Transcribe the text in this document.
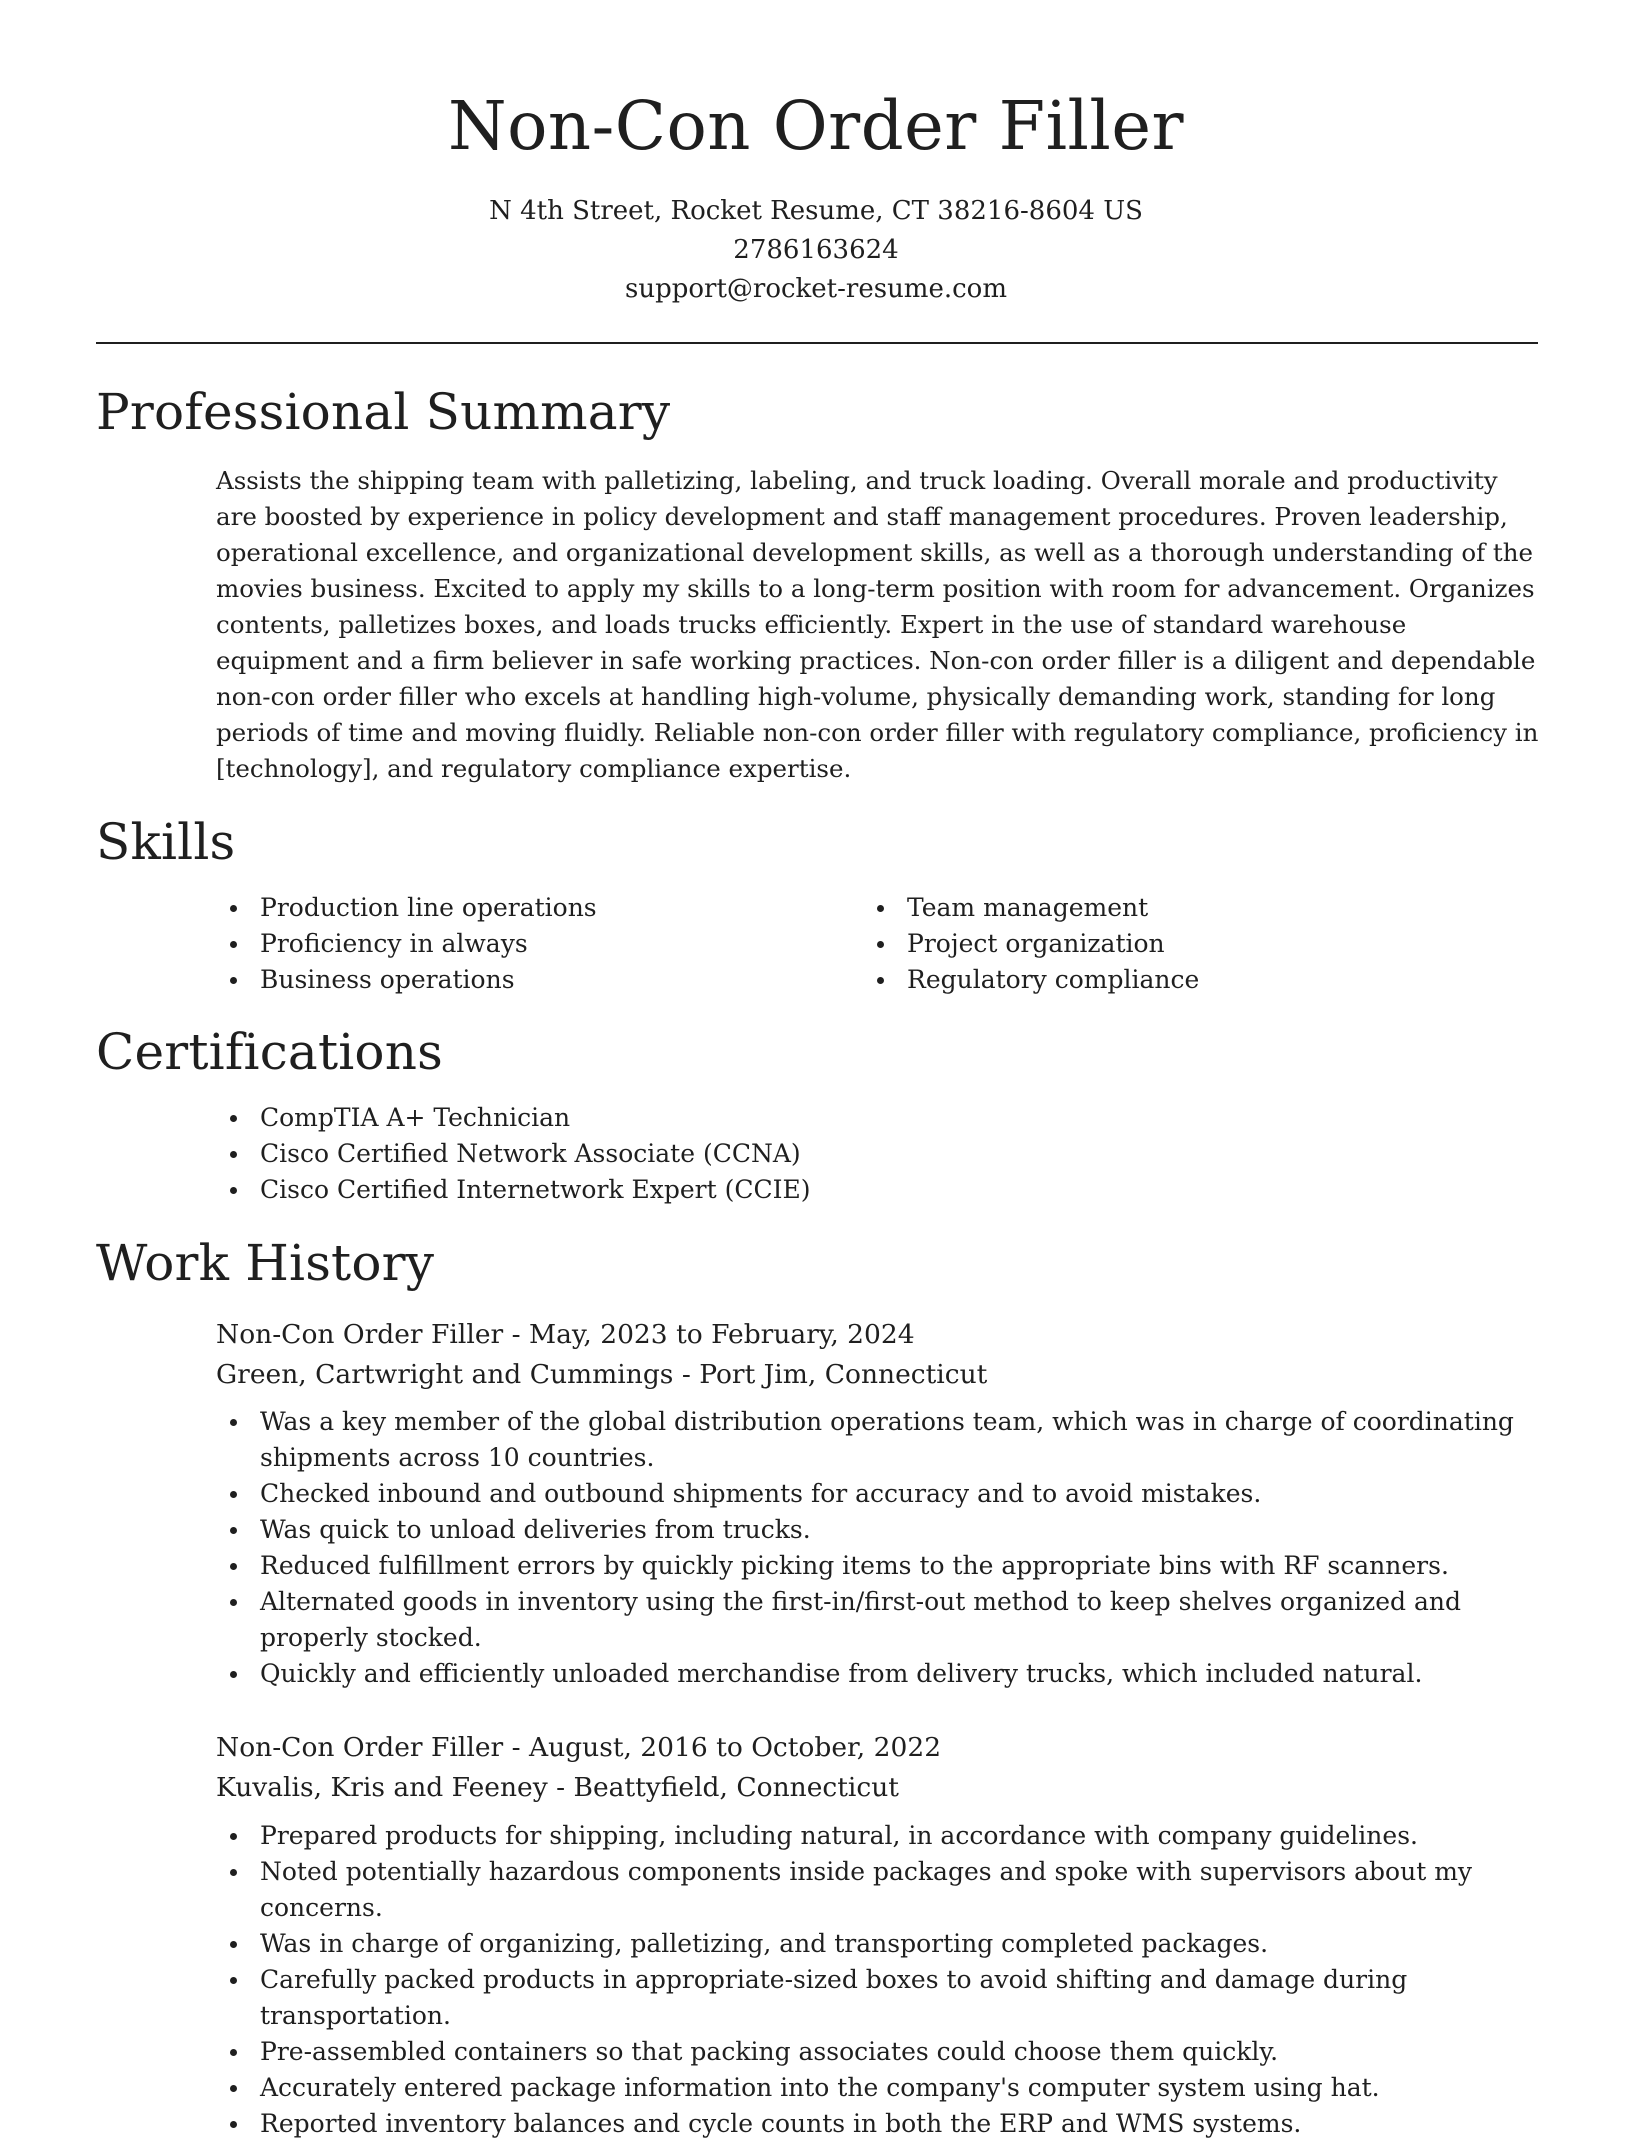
Non-Con Order Filler
N 4th Street, Rocket Resume, CT 38216-8604 US
2786163624
support@rocket-resume.com
Professional Summary

Assists the shipping team with palletizing, labeling, and truck loading. Overall morale and productivity are boosted by experience in policy development and staff management procedures. Proven leadership, operational excellence, and organizational development skills, as well as a thorough understanding of the movies business. Excited to apply my skills to a long-term position with room for advancement. Organizes contents, palletizes boxes, and loads trucks efficiently. Expert in the use of standard warehouse equipment and a firm believer in safe working practices. Non-con order filler is a diligent and dependable non-con order filler who excels at handling high-volume, physically demanding work, standing for long periods of time and moving fluidly. Reliable non-con order filler with regulatory compliance, proficiency in [technology], and regulatory compliance expertise.

Skills
Production line operations
Proficiency in always
Business operations
Team management
Project organization
Regulatory compliance
Certifications
CompTIA A+ Technician
Cisco Certified Network Associate (CCNA)
Cisco Certified Internetwork Expert (CCIE)
Work History
Non-Con Order Filler - May, 2023 to February, 2024
Green, Cartwright and Cummings - Port Jim, Connecticut
Was a key member of the global distribution operations team, which was in charge of coordinating shipments across 10 countries.
Checked inbound and outbound shipments for accuracy and to avoid mistakes.
Was quick to unload deliveries from trucks.
Reduced fulfillment errors by quickly picking items to the appropriate bins with RF scanners.
Alternated goods in inventory using the first-in/first-out method to keep shelves organized and properly stocked.
Quickly and efficiently unloaded merchandise from delivery trucks, which included natural.
Non-Con Order Filler - August, 2016 to October, 2022
Kuvalis, Kris and Feeney - Beattyfield, Connecticut
Prepared products for shipping, including natural, in accordance with company guidelines.
Noted potentially hazardous components inside packages and spoke with supervisors about my concerns.
Was in charge of organizing, palletizing, and transporting completed packages.
Carefully packed products in appropriate-sized boxes to avoid shifting and damage during transportation.
Pre-assembled containers so that packing associates could choose them quickly.
Accurately entered package information into the company's computer system using hat.
Reported inventory balances and cycle counts in both the ERP and WMS systems.
